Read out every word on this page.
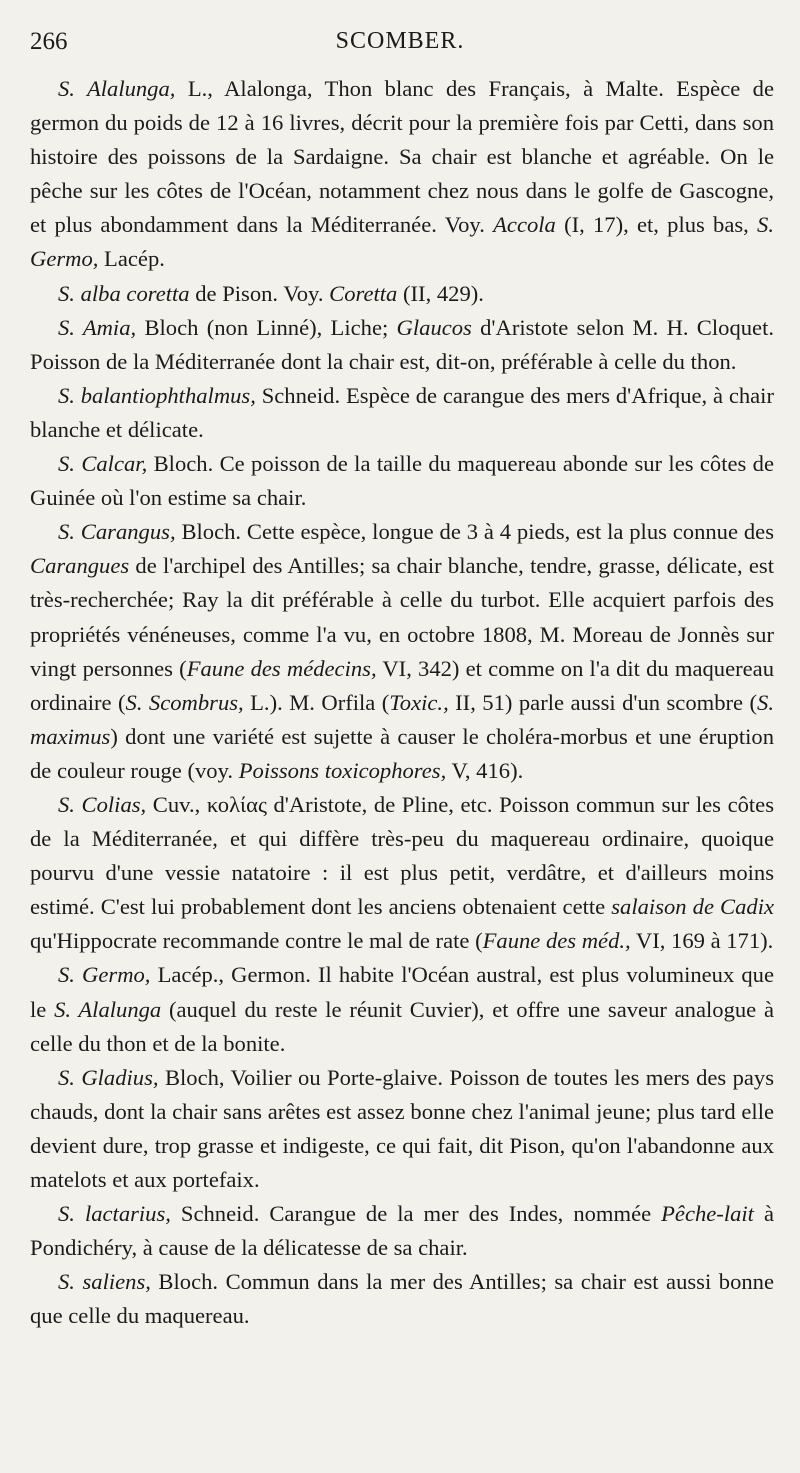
266	SCOMBER.

S. Alalunga, L., Alalonga, Thon blanc des Français, à Malte. Espèce de germon du poids de 12 à 16 livres, décrit pour la première fois par Cetti, dans son histoire des poissons de la Sardaigne. Sa chair est blanche et agréable. On le pêche sur les côtes de l'Océan, notamment chez nous dans le golfe de Gascogne, et plus abondamment dans la Méditerranée. Voy. Accola (I, 17), et, plus bas, S. Germo, Lacép.

S. alba coretta de Pison. Voy. Coretta (II, 429).

S. Amia, Bloch (non Linné), Liche; Glaucos d'Aristote selon M. H. Cloquet. Poisson de la Méditerranée dont la chair est, dit-on, préférable à celle du thon.

S. balantiophthalmus, Schneid. Espèce de carangue des mers d'Afrique, à chair blanche et délicate.

S. Calcar, Bloch. Ce poisson de la taille du maquereau abonde sur les côtes de Guinée où l'on estime sa chair.

S. Carangus, Bloch. Cette espèce, longue de 3 à 4 pieds, est la plus connue des Carangues de l'archipel des Antilles; sa chair blanche, tendre, grasse, délicate, est très-recherchée; Ray la dit préférable à celle du turbot. Elle acquiert parfois des propriétés vénéneuses, comme l'a vu, en octobre 1808, M. Moreau de Jonnès sur vingt personnes (Faune des médecins, VI, 342) et comme on l'a dit du maquereau ordinaire (S. Scombrus, L.). M. Orfila (Toxic., II, 51) parle aussi d'un scombre (S. maximus) dont une variété est sujette à causer le choléra-morbus et une éruption de couleur rouge (voy. Poissons toxicophores, V, 416).

S. Colias, Cuv., κολίας d'Aristote, de Pline, etc. Poisson commun sur les côtes de la Méditerranée, et qui diffère très-peu du maquereau ordinaire, quoique pourvu d'une vessie natatoire : il est plus petit, verdâtre, et d'ailleurs moins estimé. C'est lui probablement dont les anciens obtenaient cette salaison de Cadix qu'Hippocrate recommande contre le mal de rate (Faune des méd., VI, 169 à 171).

S. Germo, Lacép., Germon. Il habite l'Océan austral, est plus volumineux que le S. Alalunga (auquel du reste le réunit Cuvier), et offre une saveur analogue à celle du thon et de la bonite.

S. Gladius, Bloch, Voilier ou Porte-glaive. Poisson de toutes les mers des pays chauds, dont la chair sans arêtes est assez bonne chez l'animal jeune; plus tard elle devient dure, trop grasse et indigeste, ce qui fait, dit Pison, qu'on l'abandonne aux matelots et aux portefaix.

S. lactarius, Schneid. Carangue de la mer des Indes, nommée Pêche-lait à Pondichéry, à cause de la délicatesse de sa chair.

S. saliens, Bloch. Commun dans la mer des Antilles; sa chair est aussi bonne que celle du maquereau.
